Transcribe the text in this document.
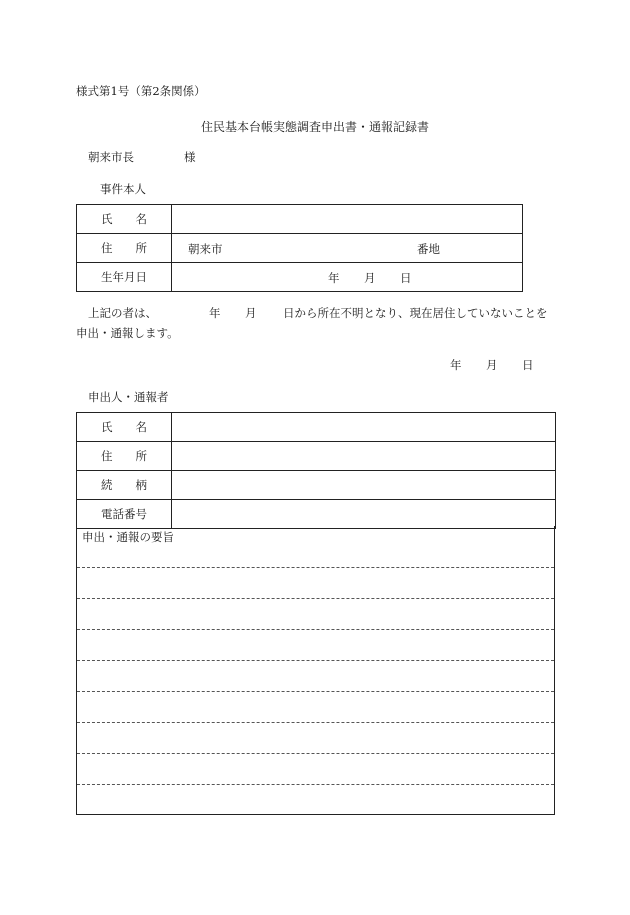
様式第1号（第2条関係）
住民基本台帳実態調査申出書・通報記録書
朝来市長	様
事件本人
氏　　名	
住　　所	朝来市 番地

生年月日	年 月 日
上記の者は、	年 月 日から所在不明となり、現在居住していないことを
申出・通報します。
年 月 日
申出人・通報者
氏　　名	
住　　所	
続　　柄	
電話番号	
申出・通報の要旨
